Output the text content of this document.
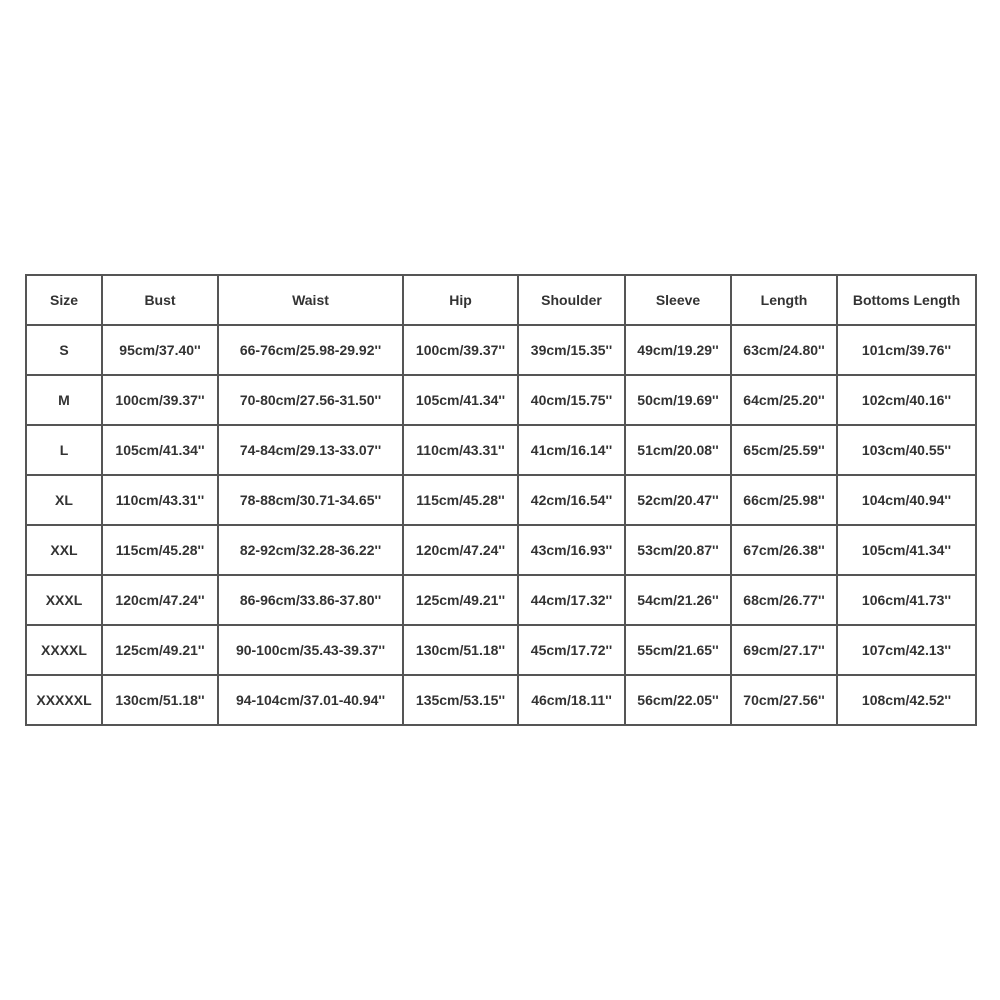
Size	Bust	Waist	Hip	Shoulder	Sleeve	Length	Bottoms Length
S	95cm/37.40''	66-76cm/25.98-29.92''	100cm/39.37''	39cm/15.35''	49cm/19.29''	63cm/24.80''	101cm/39.76''
M	100cm/39.37''	70-80cm/27.56-31.50''	105cm/41.34''	40cm/15.75''	50cm/19.69''	64cm/25.20''	102cm/40.16''
L	105cm/41.34''	74-84cm/29.13-33.07''	110cm/43.31''	41cm/16.14''	51cm/20.08''	65cm/25.59''	103cm/40.55''
XL	110cm/43.31''	78-88cm/30.71-34.65''	115cm/45.28''	42cm/16.54''	52cm/20.47''	66cm/25.98''	104cm/40.94''
XXL	115cm/45.28''	82-92cm/32.28-36.22''	120cm/47.24''	43cm/16.93''	53cm/20.87''	67cm/26.38''	105cm/41.34''
XXXL	120cm/47.24''	86-96cm/33.86-37.80''	125cm/49.21''	44cm/17.32''	54cm/21.26''	68cm/26.77''	106cm/41.73''
XXXXL	125cm/49.21''	90-100cm/35.43-39.37''	130cm/51.18''	45cm/17.72''	55cm/21.65''	69cm/27.17''	107cm/42.13''
XXXXXL	130cm/51.18''	94-104cm/37.01-40.94''	135cm/53.15''	46cm/18.11''	56cm/22.05''	70cm/27.56''	108cm/42.52''
